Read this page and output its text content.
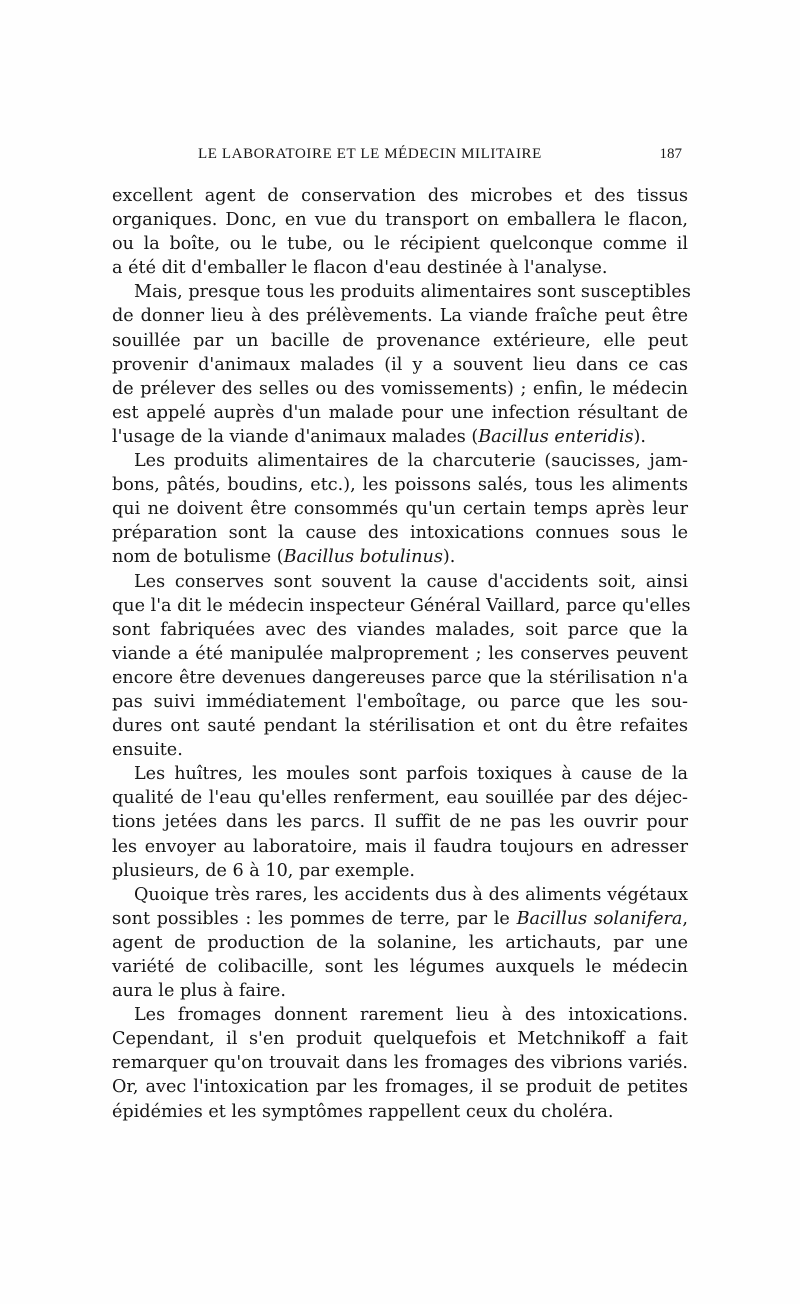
LE LABORATOIRE ET LE MÉDECIN MILITAIRE	187
excellent agent de conservation des microbes et des tissus
organiques. Donc, en vue du transport on emballera le flacon,
ou la boîte, ou le tube, ou le récipient quelconque comme il
a été dit d'emballer le flacon d'eau destinée à l'analyse.
Mais, presque tous les produits alimentaires sont susceptibles
de donner lieu à des prélèvements. La viande fraîche peut être
souillée par un bacille de provenance extérieure, elle peut
provenir d'animaux malades (il y a souvent lieu dans ce cas
de prélever des selles ou des vomissements) ; enfin, le médecin
est appelé auprès d'un malade pour une infection résultant de
l'usage de la viande d'animaux malades (Bacillus enteridis).
Les produits alimentaires de la charcuterie (saucisses, jam-
bons, pâtés, boudins, etc.), les poissons salés, tous les aliments
qui ne doivent être consommés qu'un certain temps après leur
préparation sont la cause des intoxications connues sous le
nom de botulisme (Bacillus botulinus).
Les conserves sont souvent la cause d'accidents soit, ainsi
que l'a dit le médecin inspecteur Général Vaillard, parce qu'elles
sont fabriquées avec des viandes malades, soit parce que la
viande a été manipulée malproprement ; les conserves peuvent
encore être devenues dangereuses parce que la stérilisation n'a
pas suivi immédiatement l'emboîtage, ou parce que les sou-
dures ont sauté pendant la stérilisation et ont du être refaites
ensuite.
Les huîtres, les moules sont parfois toxiques à cause de la
qualité de l'eau qu'elles renferment, eau souillée par des déjec-
tions jetées dans les parcs. Il suffit de ne pas les ouvrir pour
les envoyer au laboratoire, mais il faudra toujours en adresser
plusieurs, de 6 à 10, par exemple.
Quoique très rares, les accidents dus à des aliments végétaux
sont possibles : les pommes de terre, par le Bacillus solanifera,
agent de production de la solanine, les artichauts, par une
variété de colibacille, sont les légumes auxquels le médecin
aura le plus à faire.
Les fromages donnent rarement lieu à des intoxications.
Cependant, il s'en produit quelquefois et Metchnikoff a fait
remarquer qu'on trouvait dans les fromages des vibrions variés.
Or, avec l'intoxication par les fromages, il se produit de petites
épidémies et les symptômes rappellent ceux du choléra.
